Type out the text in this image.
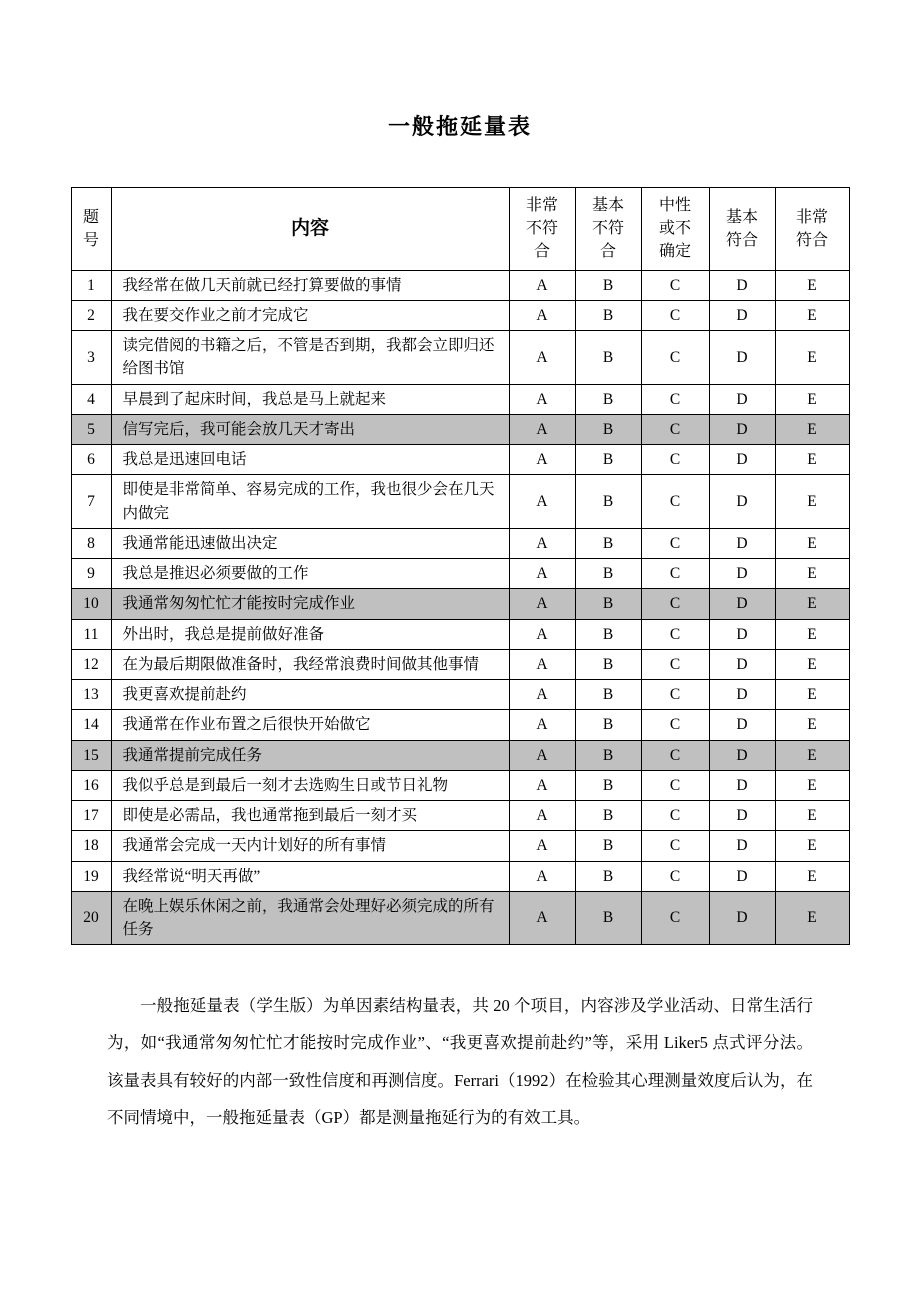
一般拖延量表
题号	内容	非常不符合	基本不符合	中性或不确定	基本符合	非常符合
1	我经常在做几天前就已经打算要做的事情	A	B	C	D	E
2	我在要交作业之前才完成它	A	B	C	D	E
3	读完借阅的书籍之后，不管是否到期，我都会立即归还给图书馆	A	B	C	D	E
4	早晨到了起床时间，我总是马上就起来	A	B	C	D	E
5	信写完后，我可能会放几天才寄出	A	B	C	D	E
6	我总是迅速回电话	A	B	C	D	E
7	即使是非常简单、容易完成的工作，我也很少会在几天内做完	A	B	C	D	E
8	我通常能迅速做出决定	A	B	C	D	E
9	我总是推迟必须要做的工作	A	B	C	D	E
10	我通常匆匆忙忙才能按时完成作业	A	B	C	D	E
11	外出时，我总是提前做好准备	A	B	C	D	E
12	在为最后期限做准备时，我经常浪费时间做其他事情	A	B	C	D	E
13	我更喜欢提前赴约	A	B	C	D	E
14	我通常在作业布置之后很快开始做它	A	B	C	D	E
15	我通常提前完成任务	A	B	C	D	E
16	我似乎总是到最后一刻才去选购生日或节日礼物	A	B	C	D	E
17	即使是必需品，我也通常拖到最后一刻才买	A	B	C	D	E
18	我通常会完成一天内计划好的所有事情	A	B	C	D	E
19	我经常说“明天再做”	A	B	C	D	E
20	在晚上娱乐休闲之前，我通常会处理好必须完成的所有任务	A	B	C	D	E

一般拖延量表（学生版）为单因素结构量表，共 20 个项目，内容涉及学业活动、日常生活行为，如“我通常匆匆忙忙才能按时完成作业”、“我更喜欢提前赴约”等，采用 Liker5 点式评分法。该量表具有较好的内部一致性信度和再测信度。Ferrari（1992）在检验其心理测量效度后认为，在不同情境中，一般拖延量表（GP）都是测量拖延行为的有效工具。
